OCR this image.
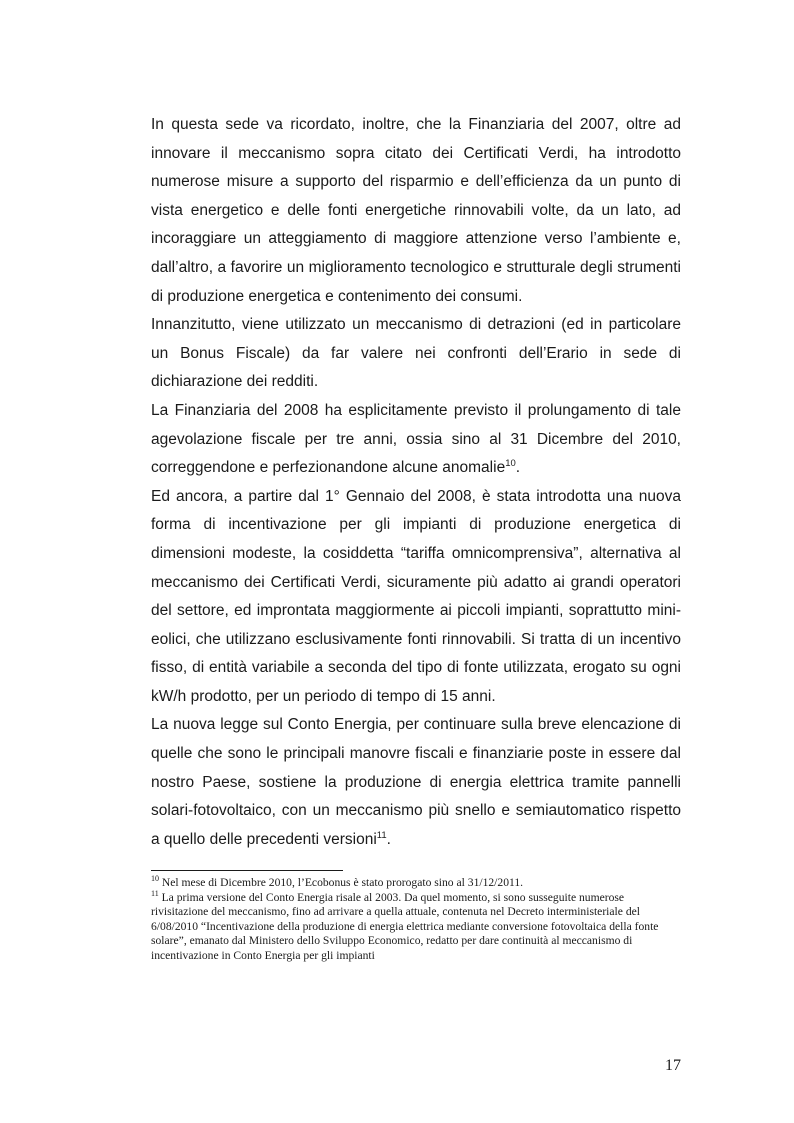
In questa sede va ricordato, inoltre, che la Finanziaria del 2007, oltre ad innovare il meccanismo sopra citato dei Certificati Verdi, ha introdotto numerose misure a supporto del risparmio e dell’efficienza da un punto di vista energetico e delle fonti energetiche rinnovabili volte, da un lato, ad incoraggiare un atteggiamento di maggiore attenzione verso l’ambiente e, dall’altro, a favorire un miglioramento tecnologico e strutturale degli strumenti di produzione energetica e contenimento dei consumi.

Innanzitutto, viene utilizzato un meccanismo di detrazioni (ed in particolare un Bonus Fiscale) da far valere nei confronti dell’Erario in sede di dichiarazione dei redditi.

La Finanziaria del 2008 ha esplicitamente previsto il prolungamento di tale agevolazione fiscale per tre anni, ossia sino al 31 Dicembre del 2010, correggendone e perfezionandone alcune anomalie$^{10}$.

Ed ancora, a partire dal 1° Gennaio del 2008, è stata introdotta una nuova forma di incentivazione per gli impianti di produzione energetica di dimensioni modeste, la cosiddetta “tariffa omnicomprensiva”, alternativa al meccanismo dei Certificati Verdi, sicuramente più adatto ai grandi operatori del settore, ed improntata maggiormente ai piccoli impianti, soprattutto mini-eolici, che utilizzano esclusivamente fonti rinnovabili. Si tratta di un incentivo fisso, di entità variabile a seconda del tipo di fonte utilizzata, erogato su ogni kW/h prodotto, per un periodo di tempo di 15 anni.

La nuova legge sul Conto Energia, per continuare sulla breve elencazione di quelle che sono le principali manovre fiscali e finanziarie poste in essere dal nostro Paese, sostiene la produzione di energia elettrica tramite pannelli solari-fotovoltaico, con un meccanismo più snello e semiautomatico rispetto a quello delle precedenti versioni$^{11}$.

$^{10}$ Nel mese di Dicembre 2010, l’Ecobonus è stato prorogato sino al 31/12/2011.

$^{11}$ La prima versione del Conto Energia risale al 2003. Da quel momento, si sono susseguite numerose rivisitazione del meccanismo, fino ad arrivare a quella attuale, contenuta nel Decreto interministeriale del 6/08/2010 “Incentivazione della produzione di energia elettrica mediante conversione fotovoltaica della fonte solare”, emanato dal Ministero dello Sviluppo Economico, redatto per dare continuità al meccanismo di incentivazione in Conto Energia per gli impianti

17
